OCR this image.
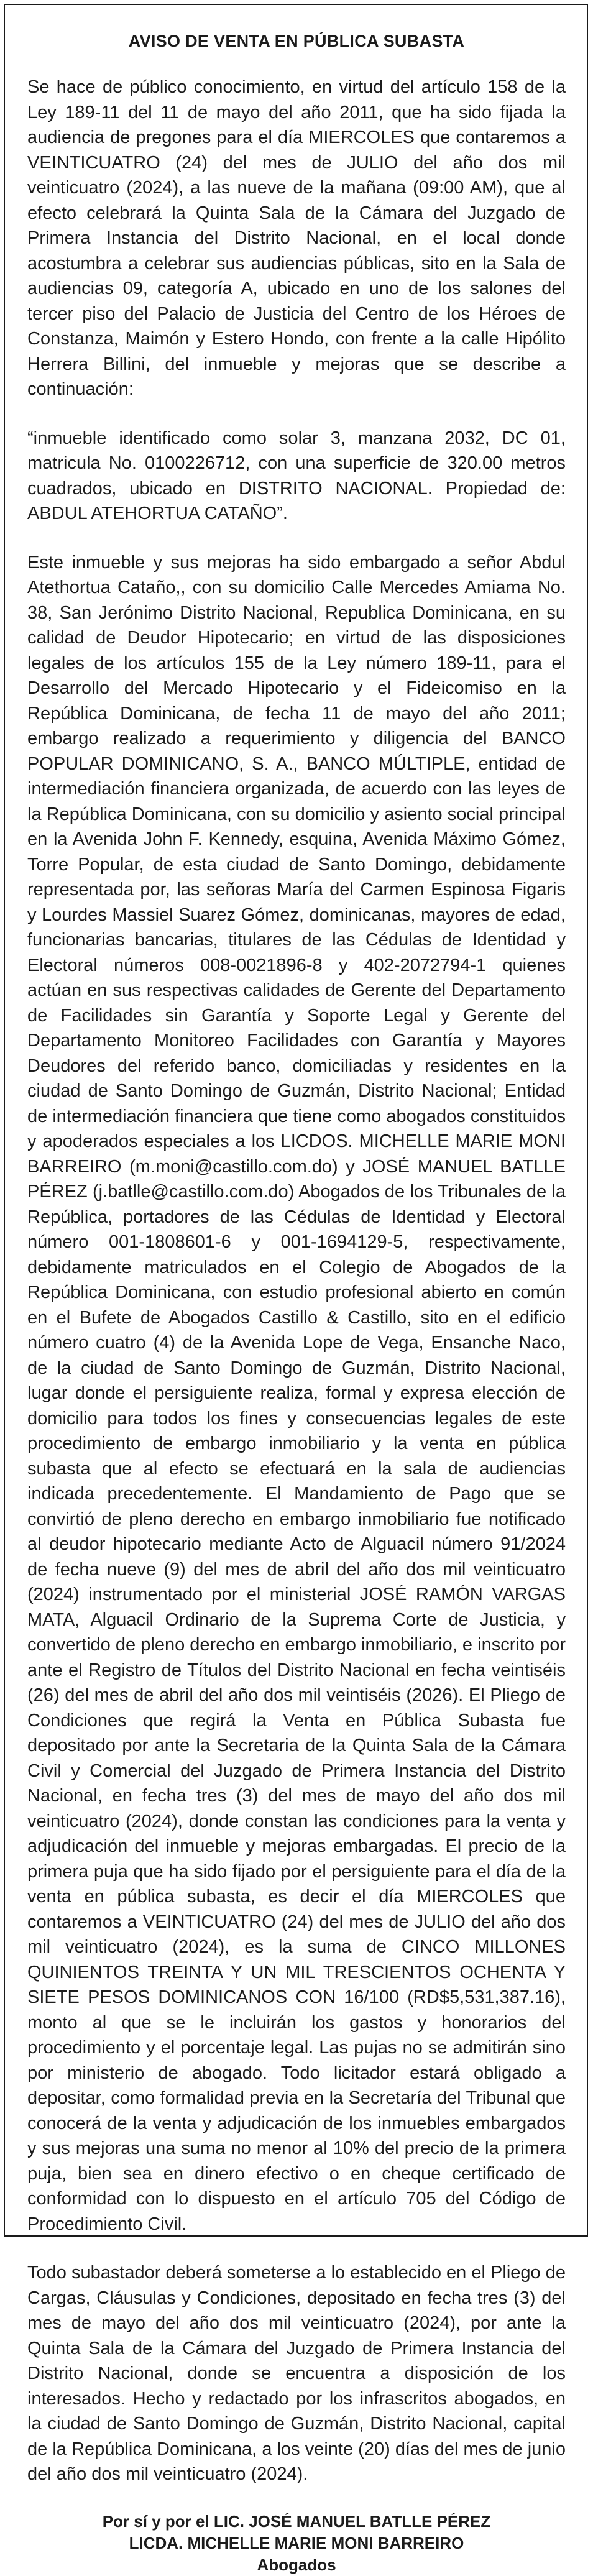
AVISO DE VENTA EN PÚBLICA SUBASTA

Se hace de público conocimiento, en virtud del artículo 158 de la Ley 189-11 del 11 de mayo del año 2011, que ha sido fijada la audiencia de pregones para el día MIERCOLES que contaremos a VEINTICUATRO (24) del mes de JULIO del año dos mil veinticuatro (2024), a las nueve de la mañana (09:00 AM), que al efecto celebrará la Quinta Sala de la Cámara del Juzgado de Primera Instancia del Distrito Nacional, en el local donde acostumbra a celebrar sus audiencias públicas, sito en la Sala de audiencias 09, categoría A, ubicado en uno de los salones del tercer piso del Palacio de Justicia del Centro de los Héroes de Constanza, Maimón y Estero Hondo, con frente a la calle Hipólito Herrera Billini, del inmueble y mejoras que se describe a continuación:

“inmueble identificado como solar 3, manzana 2032, DC 01, matricula No. 0100226712, con una superficie de 320.00 metros cuadrados, ubicado en DISTRITO NACIONAL. Propiedad de: ABDUL ATEHORTUA CATAÑO”.

Este inmueble y sus mejoras ha sido embargado a señor Abdul Atethortua Cataño,, con su domicilio Calle Mercedes Amiama No. 38, San Jerónimo Distrito Nacional, Republica Dominicana, en su calidad de Deudor Hipotecario; en virtud de las disposiciones legales de los artículos 155 de la Ley número 189-11, para el Desarrollo del Mercado Hipotecario y el Fideicomiso en la República Dominicana, de fecha 11 de mayo del año 2011; embargo realizado a requerimiento y diligencia del BANCO POPULAR DOMINICANO, S. A., BANCO MÚLTIPLE, entidad de intermediación financiera organizada, de acuerdo con las leyes de la República Dominicana, con su domicilio y asiento social principal en la Avenida John F. Kennedy, esquina, Avenida Máximo Gómez, Torre Popular, de esta ciudad de Santo Domingo, debidamente representada por, las señoras María del Carmen Espinosa Figaris y Lourdes Massiel Suarez Gómez, dominicanas, mayores de edad, funcionarias bancarias, titulares de las Cédulas de Identidad y Electoral números 008-0021896-8 y 402-2072794-1 quienes actúan en sus respectivas calidades de Gerente del Departamento de Facilidades sin Garantía y Soporte Legal y Gerente del Departamento Monitoreo Facilidades con Garantía y Mayores Deudores del referido banco, domiciliadas y residentes en la ciudad de Santo Domingo de Guzmán, Distrito Nacional; Entidad de intermediación financiera que tiene como abogados constituidos y apoderados especiales a los LICDOS. MICHELLE MARIE MONI BARREIRO (m.moni@castillo.com.do) y JOSÉ MANUEL BATLLE PÉREZ (j.batlle@castillo.com.do) Abogados de los Tribunales de la República, portadores de las Cédulas de Identidad y Electoral número 001-1808601-6 y 001-1694129-5, respectivamente, debidamente matriculados en el Colegio de Abogados de la República Dominicana, con estudio profesional abierto en común en el Bufete de Abogados Castillo & Castillo, sito en el edificio número cuatro (4) de la Avenida Lope de Vega, Ensanche Naco, de la ciudad de Santo Domingo de Guzmán, Distrito Nacional, lugar donde el persiguiente realiza, formal y expresa elección de domicilio para todos los fines y consecuencias legales de este procedimiento de embargo inmobiliario y la venta en pública subasta que al efecto se efectuará en la sala de audiencias indicada precedentemente. El Mandamiento de Pago que se convirtió de pleno derecho en embargo inmobiliario fue notificado al deudor hipotecario mediante Acto de Alguacil número 91/2024 de fecha nueve (9) del mes de abril del año dos mil veinticuatro (2024) instrumentado por el ministerial JOSÉ RAMÓN VARGAS MATA, Alguacil Ordinario de la Suprema Corte de Justicia, y convertido de pleno derecho en embargo inmobiliario, e inscrito por ante el Registro de Títulos del Distrito Nacional en fecha veintiséis (26) del mes de abril del año dos mil veintiséis (2026). El Pliego de Condiciones que regirá la Venta en Pública Subasta fue depositado por ante la Secretaria de la Quinta Sala de la Cámara Civil y Comercial del Juzgado de Primera Instancia del Distrito Nacional, en fecha tres (3) del mes de mayo del año dos mil veinticuatro (2024), donde constan las condiciones para la venta y adjudicación del inmueble y mejoras embargadas. El precio de la primera puja que ha sido fijado por el persiguiente para el día de la venta en pública subasta, es decir el día MIERCOLES que contaremos a VEINTICUATRO (24) del mes de JULIO del año dos mil veinticuatro (2024), es la suma de CINCO MILLONES QUINIENTOS TREINTA Y UN MIL TRESCIENTOS OCHENTA Y SIETE PESOS DOMINICANOS CON 16/100 (RD$5,531,387.16), monto al que se le incluirán los gastos y honorarios del procedimiento y el porcentaje legal. Las pujas no se admitirán sino por ministerio de abogado. Todo licitador estará obligado a depositar, como formalidad previa en la Secretaría del Tribunal que conocerá de la venta y adjudicación de los inmuebles embargados y sus mejoras una suma no menor al 10% del precio de la primera puja, bien sea en dinero efectivo o en cheque certificado de conformidad con lo dispuesto en el artículo 705 del Código de Procedimiento Civil.

Todo subastador deberá someterse a lo establecido en el Pliego de Cargas, Cláusulas y Condiciones, depositado en fecha tres (3) del mes de mayo del año dos mil veinticuatro (2024), por ante la Quinta Sala de la Cámara del Juzgado de Primera Instancia del Distrito Nacional, donde se encuentra a disposición de los interesados. Hecho y redactado por los infrascritos abogados, en la ciudad de Santo Domingo de Guzmán, Distrito Nacional, capital de la República Dominicana, a los veinte (20) días del mes de junio del año dos mil veinticuatro (2024).

Por sí y por el LIC. JOSÉ MANUEL BATLLE PÉREZ
LICDA. MICHELLE MARIE MONI BARREIRO
Abogados
